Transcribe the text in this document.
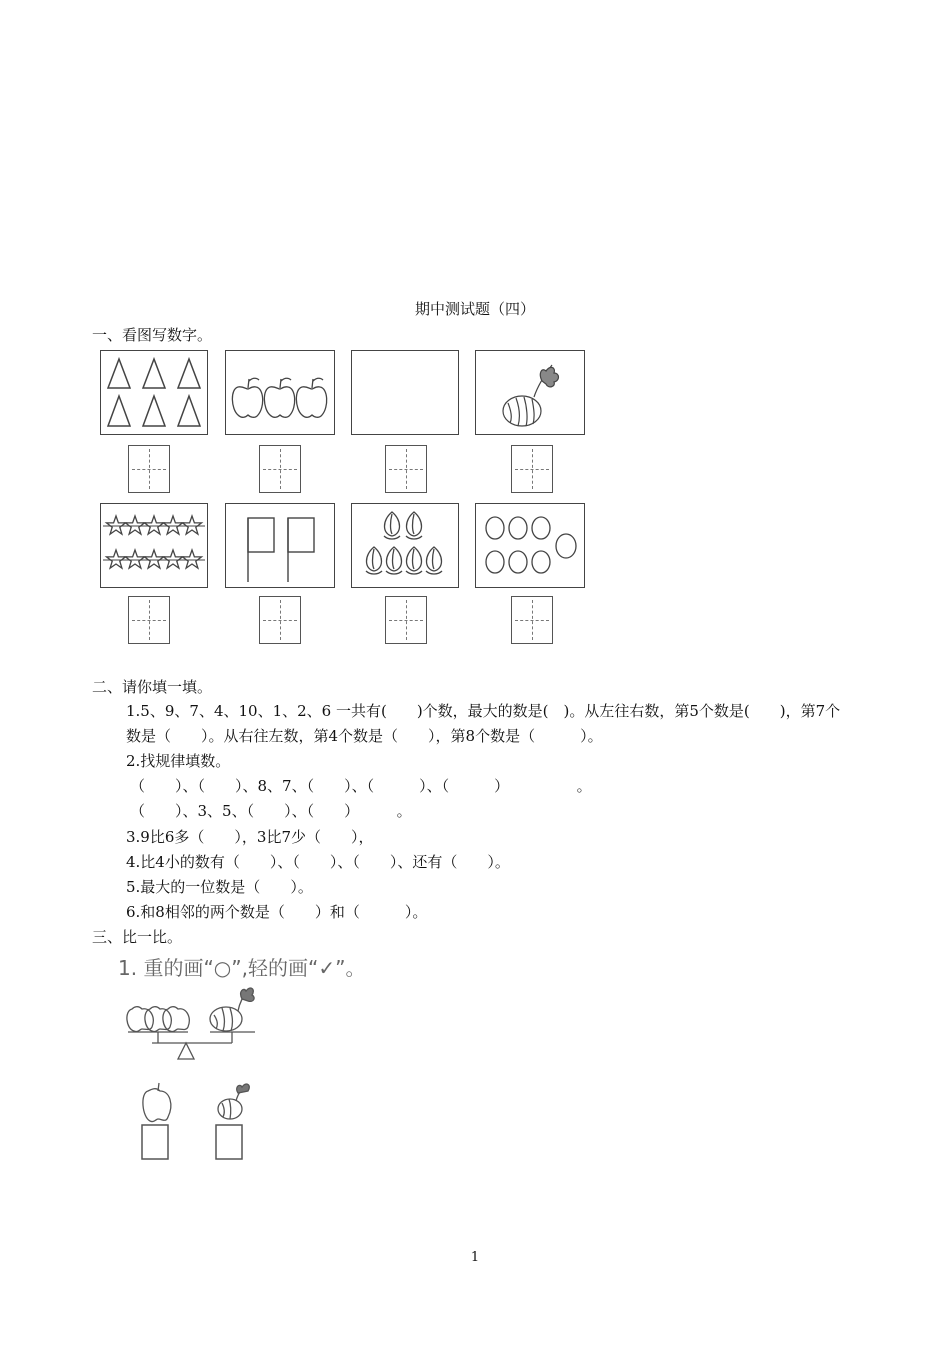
期中测试题（四）
一、看图写数字。
二、请你填一填。
1.5、9、7、4、10、1、2、6 一共有(　　)个数，最大的数是(　)。从左往右数，第5个数是(　　)，第7个
数是（　　）。从右往左数，第4个数是（　　），第8个数是（　　　）。
2.找规律填数。
（　　）、（　　）、8、7、（　　）、（　　　）、（　　　）　　　　　。
（　　）、3、5、（　　）、（　　）　　　。
3.9比6多（　　），3比7少（　　），
4.比4小的数有（　　）、（　　）、（　　）、还有（　　）。
5.最大的一位数是（　　）。
6.和8相邻的两个数是（　　）和（　　　）。
三、比一比。
1. 重的画“○”,轻的画“✓”。
1
